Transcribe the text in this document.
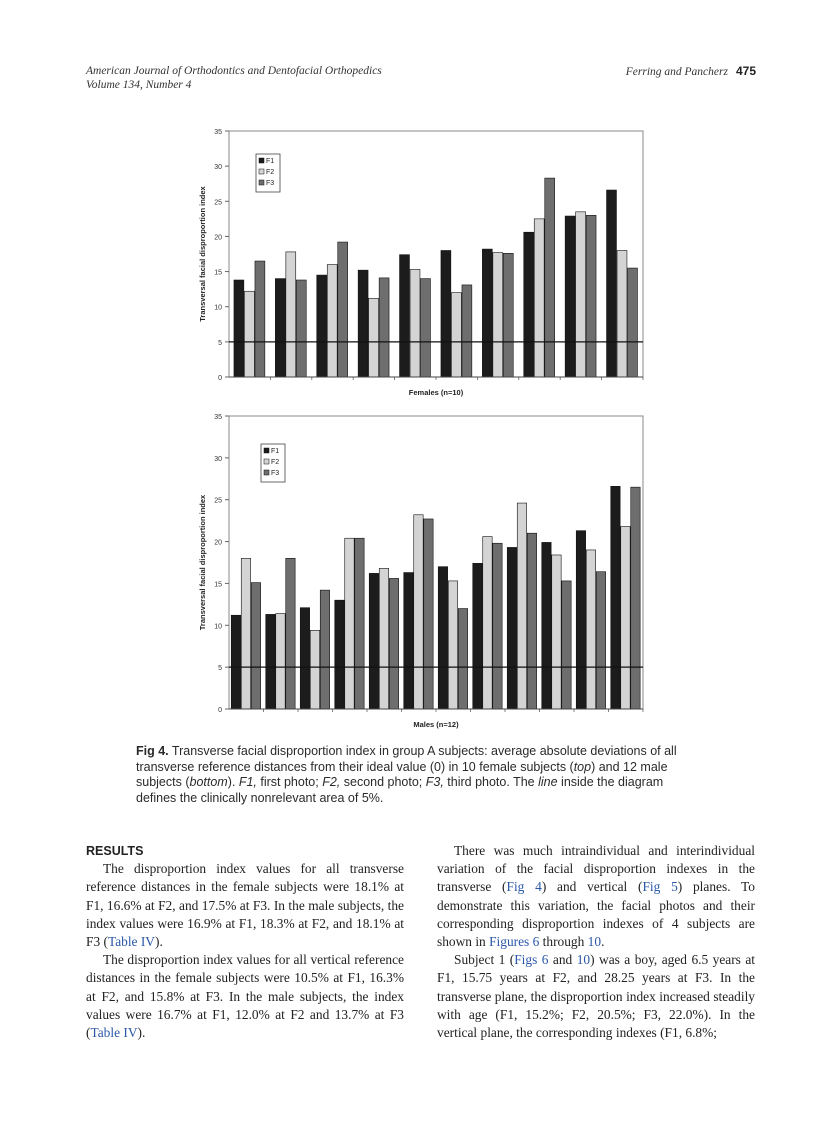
American Journal of Orthodontics and Dentofacial Orthopedics
Volume 134, Number 4
Ferring and Pancherz 475
0
5
10
15
20
25
30
35
F1
F2
F3
Females (n=10)
Transversal facial disproportion index
0
5
10
15
20
25
30
35
F1
F2
F3
Males (n=12)
Transversal facial disproportion index
Fig 4. Transverse facial disproportion index in group A subjects: average absolute deviations of all transverse reference distances from their ideal value (0) in 10 female subjects (top) and 12 male subjects (bottom). F1, first photo; F2, second photo; F3, third photo. The line inside the diagram defines the clinically nonrelevant area of 5%.

RESULTS

The disproportion index values for all transverse reference distances in the female subjects were 18.1% at F1, 16.6% at F2, and 17.5% at F3. In the male subjects, the index values were 16.9% at F1, 18.3% at F2, and 18.1% at F3 (Table IV).

The disproportion index values for all vertical reference distances in the female subjects were 10.5% at F1, 16.3% at F2, and 15.8% at F3. In the male subjects, the index values were 16.7% at F1, 12.0% at F2 and 13.7% at F3 (Table IV).

There was much intraindividual and interindividual variation of the facial disproportion indexes in the transverse (Fig 4) and vertical (Fig 5) planes. To demonstrate this variation, the facial photos and their corresponding disproportion indexes of 4 subjects are shown in Figures 6 through 10.

Subject 1 (Figs 6 and 10) was a boy, aged 6.5 years at F1, 15.75 years at F2, and 28.25 years at F3. In the transverse plane, the disproportion index increased steadily with age (F1, 15.2%; F2, 20.5%; F3, 22.0%). In the vertical plane, the corresponding indexes (F1, 6.8%;
